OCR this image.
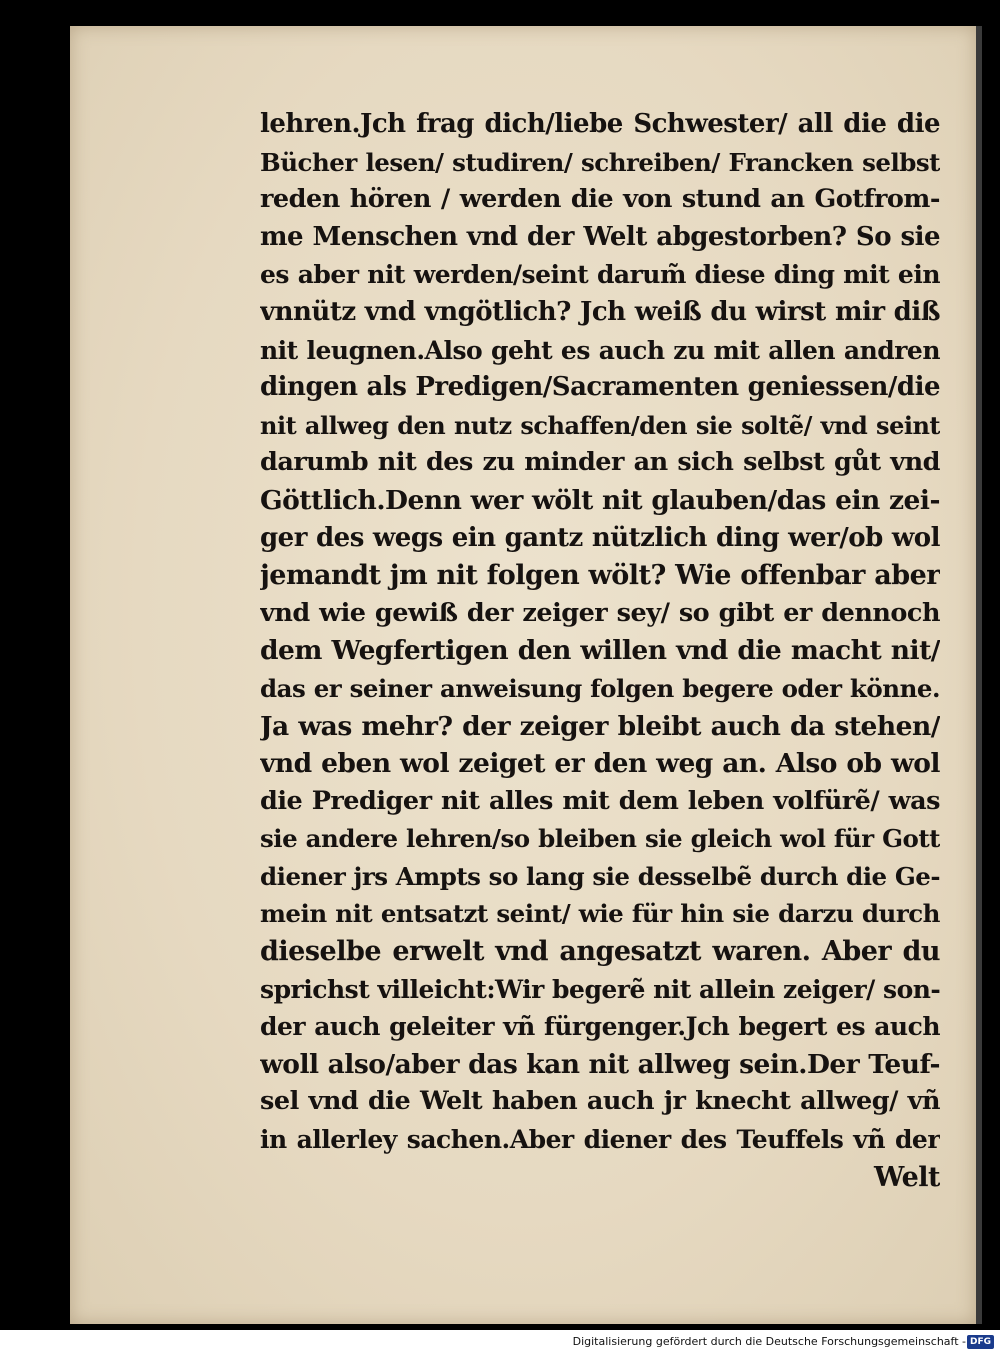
lehren.Jch frag dich/liebe Schwester/ all die die
Bücher lesen/ studiren/ schreiben/ Francken selbst
reden hören / werden die von stund an Gotfrom-
me Menschen vnd der Welt abgestorben? So sie
es aber nit werden/seint darum̃ diese ding mit ein
vnnütz vnd vngötlich? Jch weiß du wirst mir diß
nit leugnen.Also geht es auch zu mit allen andren
dingen als Predigen/Sacramenten geniessen/die
nit allweg den nutz schaffen/den sie soltẽ/ vnd seint
darumb nit des zu minder an sich selbst gůt vnd
Göttlich.Denn wer wölt nit glauben/das ein zei-
ger des wegs ein gantz nützlich ding wer/ob wol
jemandt jm nit folgen wölt? Wie offenbar aber
vnd wie gewiß der zeiger sey/ so gibt er dennoch
dem Wegfertigen den willen vnd die macht nit/
das er seiner anweisung folgen begere oder könne.
Ja was mehr? der zeiger bleibt auch da stehen/
vnd eben wol zeiget er den weg an. Also ob wol
die Prediger nit alles mit dem leben volfürẽ/ was
sie andere lehren/so bleiben sie gleich wol für Gott
diener jrs Ampts so lang sie desselbẽ durch die Ge-
mein nit entsatzt seint/ wie für hin sie darzu durch
dieselbe erwelt vnd angesatzt waren. Aber du
sprichst villeicht:Wir begerẽ nit allein zeiger/ son-
der auch geleiter vñ fürgenger.Jch begert es auch
woll also/aber das kan nit allweg sein.Der Teuf-
sel vnd die Welt haben auch jr knecht allweg/ vñ
in allerley sachen.Aber diener des Teuffels vñ der
Welt
Digitalisierung gefördert durch die Deutsche Forschungsgemeinschaft - DFG
